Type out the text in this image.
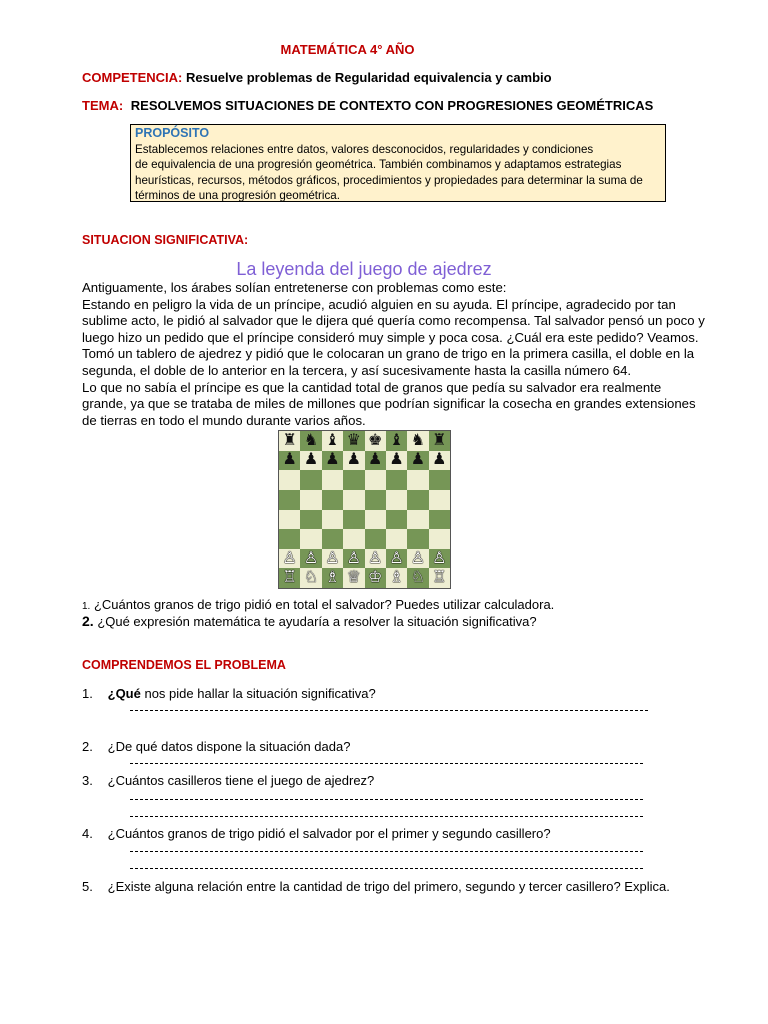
MATEMÁTICA 4° AÑO
COMPETENCIA: Resuelve problemas de Regularidad equivalencia y cambio
TEMA: RESOLVEMOS SITUACIONES DE CONTEXTO CON PROGRESIONES GEOMÉTRICAS
PROPÓSITO
Establecemos relaciones entre datos, valores desconocidos, regularidades y condiciones
de equivalencia de una progresión geométrica. También combinamos y adaptamos estrategias
heurísticas, recursos, métodos gráficos, procedimientos y propiedades para determinar la suma de
términos de una progresión geométrica.
SITUACION SIGNIFICATIVA:
La leyenda del juego de ajedrez

Antiguamente, los árabes solían entretenerse con problemas como este:

Estando en peligro la vida de un príncipe, acudió alguien en su ayuda. El príncipe, agradecido por tan sublime acto, le pidió al salvador que le dijera qué quería como recompensa. Tal salvador pensó un poco y luego hizo un pedido que el príncipe consideró muy simple y poca cosa. ¿Cuál era este pedido? Veamos. Tomó un tablero de ajedrez y pidió que le colocaran un grano de trigo en la primera casilla, el doble en la segunda, el doble de lo anterior en la tercera, y así sucesivamente hasta la casilla número 64.

Lo que no sabía el príncipe es que la cantidad total de granos que pedía su salvador era realmente grande, ya que se trataba de miles de millones que podrían significar la cosecha en grandes extensiones de tierras en todo el mundo durante varios años.

♜ ♞ ♝ ♛ ♚ ♝ ♞ ♜
♟ ♟ ♟ ♟ ♟ ♟ ♟ ♟
♙ ♙ ♙ ♙ ♙ ♙ ♙ ♙
♖ ♘ ♗ ♕ ♔ ♗ ♘ ♖
1. ¿Cuántos granos de trigo pidió en total el salvador? Puedes utilizar calculadora.
2. ¿Qué expresión matemática te ayudaría a resolver la situación significativa?
COMPRENDEMOS EL PROBLEMA
1. ¿Qué nos pide hallar la situación significativa?
2. ¿De qué datos dispone la situación dada?
3. ¿Cuántos casilleros tiene el juego de ajedrez?
4. ¿Cuántos granos de trigo pidió el salvador por el primer y segundo casillero?
5. ¿Existe alguna relación entre la cantidad de trigo del primero, segundo y tercer casillero? Explica.
